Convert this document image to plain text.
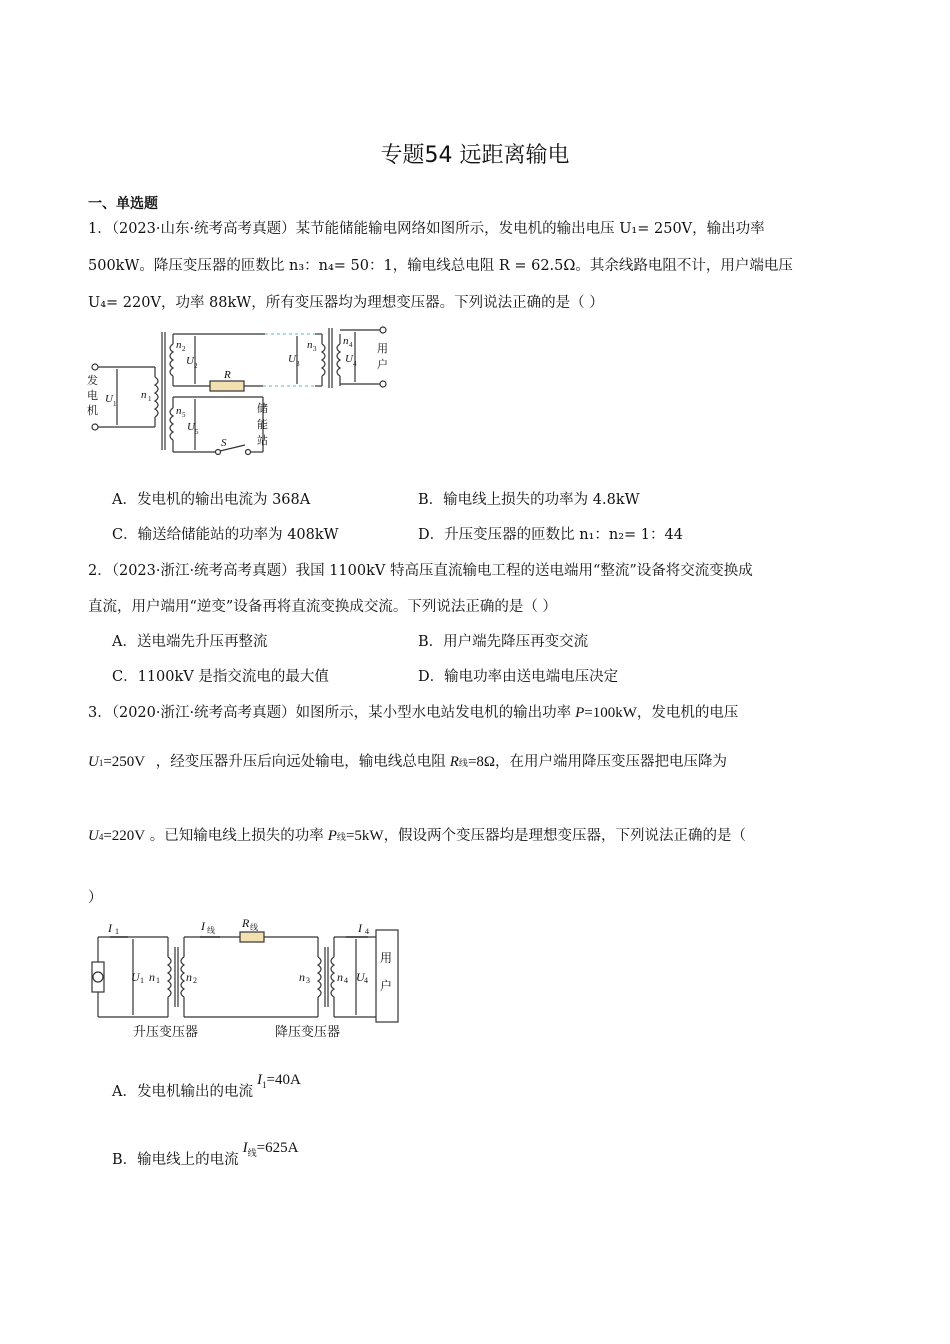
专题54 远距离输电
一、单选题
1．（2023·山东·统考高考真题）某节能储能输电网络如图所示，发电机的输出电压 U₁= 250V，输出功率
500kW。降压变压器的匝数比 n₃：n₄= 50：1，输电线总电阻 R = 62.5Ω。其余线路电阻不计，用户端电压
U₄= 220V，功率 88kW，所有变压器均为理想变压器。下列说法正确的是（ ）
发
电
机
用
户
储
能
站
U 1
n 1
n 2
U 2
R
U 3
n 3
n 4
U 4
n 5
U 5
S
A．发电机的输出电流为 368A	B．输电线上损失的功率为 4.8kW
C．输送给储能站的功率为 408kW	D．升压变压器的匝数比 n₁：n₂= 1：44
2．（2023·浙江·统考高考真题）我国 1100kV 特高压直流输电工程的送电端用“整流”设备将交流变换成
直流，用户端用“逆变”设备再将直流变换成交流。下列说法正确的是（ ）
A．送电端先升压再整流	B．用户端先降压再变交流
C．1100kV 是指交流电的最大值	D．输电功率由送电端电压决定
3．（2020·浙江·统考高考真题）如图所示，某小型水电站发电机的输出功率 P=100kW，发电机的电压
U1=250V ，经变压器升压后向远处输电，输电线总电阻 R线=8Ω，在用户端用降压变压器把电压降为
U4=220V 。已知输电线上损失的功率 P线=5kW，假设两个变压器均是理想变压器，下列说法正确的是（
）
I 1	I 线
R 线	I 4
U 1 n 1 n 2	n 3 n 4 U 4
用
户
升压变压器	降压变压器
A．发电机输出的电流$I^1=40A$
B．输电线上的电流$I^线=625A$
